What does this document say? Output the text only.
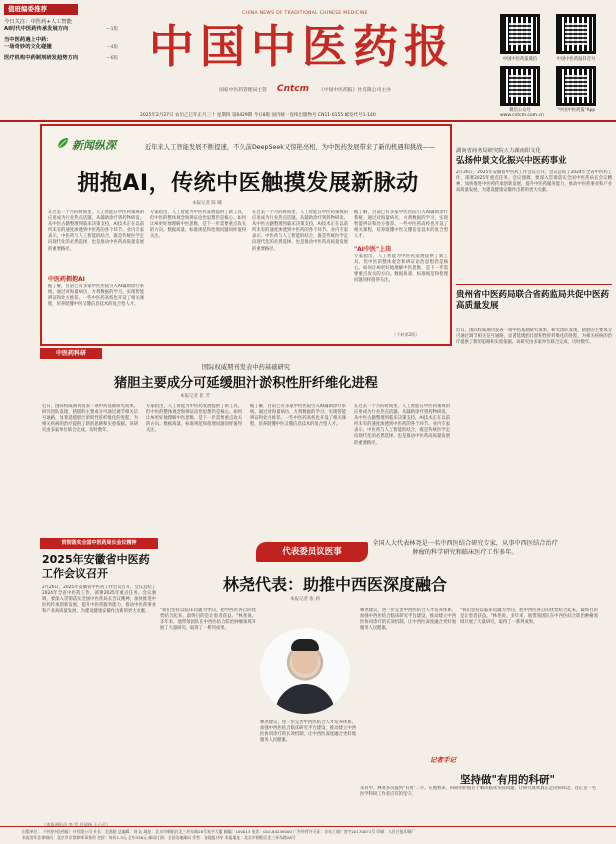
值班编委推荐
今日关注：中医药+人工智能
AI时代中医药传承发展方向	—1版
当中医药遇上中药：
一场奇妙的文化碰撞	—4版
医疗机构中药制剂研发趋势方向	—6版
CHINA NEWS OF TRADITIONAL CHINESE MEDICINE
中国中医药报
国家中医药管理局主管 Cntcm 《中国中医药报》社有限公司主办
2025年2月27日 农历乙巳年正月三十 星期四 第6429期 今日8版 国内统一连续出版物号 CN11-0155 邮发代号1-140	www.cntcm.com.cn
中国中医药报微信	中国中医药报抖音号
微信公众号	"中国中医药报"App
新闻纵深	近年来人工智能发展不断提速，不久前DeepSeek又惊艳亮相，为中医药发展带来了新的机遇和挑战——
拥抱AI，传统中医触摸发展新脉动
本报记者 陈 曦
在过去一个月的时间里，人工智能在中医药领域的应用成为行业热点话题。从辅助诊疗到药物研发，从中医古籍整理到临床决策支持，AI技术正在以前所未有的速度渗透到中医药的各个环节。业内专家表示，中医药与人工智能的结合，既是传统医学走向现代化的必然选择，也是推动中医药高质量发展的重要路径。
中医药拥抱AI
据了解，目前已有多家中医医院引入AI辅助诊疗系统，通过对海量病历、方剂数据的学习，实现智能辨证和处方推荐。一些中医药高校也开设了相关课程，培养既懂中医又懂信息技术的复合型人才。
专家指出，人工智能为中医药发展提供了新工具，但中医的整体观念和辨证论治思想仍是核心。如何让AI更好地理解中医思维，是下一步需要重点攻关的方向。数据质量、标准规范和伦理问题同样值得关注。
在过去一个月的时间里，人工智能在中医药领域的应用成为行业热点话题。从辅助诊疗到药物研发，从中医古籍整理到临床决策支持，AI技术正在以前所未有的速度渗透到中医药的各个环节。业内专家表示，中医药与人工智能的结合，既是传统医学走向现代化的必然选择，也是推动中医药高质量发展的重要路径。
据了解，目前已有多家中医医院引入AI辅助诊疗系统，通过对海量病历、方剂数据的学习，实现智能辨证和处方推荐。一些中医药高校也开设了相关课程，培养既懂中医又懂信息技术的复合型人才。
"AI中医"上岗
专家指出，人工智能为中医药发展提供了新工具，但中医的整体观念和辨证论治思想仍是核心。如何让AI更好地理解中医思维，是下一步需要重点攻关的方向。数据质量、标准规范和伦理问题同样值得关注。
（下转第2版）
湖南省商务局研究院大力湖南阳文化
弘扬仲景文化振兴中医药事业
2月26日，2025年安徽省中医药工作会议召开。会议总结了2024年全省中医药工作，部署2025年重点任务。会议强调，要深入贯彻落实全国中医药局长会议精神，加快推进中医药传承创新发展，提升中医药服务能力，推动中医药事业和产业高质量发展，为建设健康安徽作出新的更大贡献。
贵州省中医药局联合省药监局共促中医药高质量发展
近日，国际权威期刊发表一项中药基础研究成果。研究团队发现，猪胆的主要成分可通过调节相关信号通路，显著延缓胆汁淤积性肝纤维化的进程，为相关疾病的治疗提供了新的思路和实验依据。该研究由多家单位联合完成，历时数年。
中医药科研
国际权威期刊发表中药基础研究
猪胆主要成分可延缓胆汁淤积性肝纤维化进程
本报记者 崔 芳
近日，国际权威期刊发表一项中药基础研究成果。研究团队发现，猪胆的主要成分可通过调节相关信号通路，显著延缓胆汁淤积性肝纤维化的进程，为相关疾病的治疗提供了新的思路和实验依据。该研究由多家单位联合完成，历时数年。
专家指出，人工智能为中医药发展提供了新工具，但中医的整体观念和辨证论治思想仍是核心。如何让AI更好地理解中医思维，是下一步需要重点攻关的方向。数据质量、标准规范和伦理问题同样值得关注。
据了解，目前已有多家中医医院引入AI辅助诊疗系统，通过对海量病历、方剂数据的学习，实现智能辨证和处方推荐。一些中医药高校也开设了相关课程，培养既懂中医又懂信息技术的复合型人才。
在过去一个月的时间里，人工智能在中医药领域的应用成为行业热点话题。从辅助诊疗到药物研发，从中医古籍整理到临床决策支持，AI技术正在以前所未有的速度渗透到中医药的各个环节。业内专家表示，中医药与人工智能的结合，既是传统医学走向现代化的必然选择，也是推动中医药高质量发展的重要路径。
贯彻落实全国中医药局长会议精神
2025年安徽省中医药工作会议召开
2月26日，2025年安徽省中医药工作会议召开。会议总结了2024年全省中医药工作，部署2025年重点任务。会议强调，要深入贯彻落实全国中医药局长会议精神，加快推进中医药传承创新发展，提升中医药服务能力，推动中医药事业和产业高质量发展，为建设健康安徽作出新的更大贡献。
（本报通讯员 李 雪 任清扬 王心可）
代表委员议医事
全国人大代表林尧是一名中西医结合研究专家，从事中西医结合治疗肿瘤的科学研究和临床医疗工作多年。
林尧代表：助推中西医深度融合
本报记者 张 莉
"我们坚持以临床问题为导向，把中西医各自的优势结合起来，最终目的是让患者获益。"林尧说。多年来，他带领团队在中西医结合防治肿瘤领域开展了大量研究，取得了一系列成果。
林尧建议，进一步完善中西医结合人才培养体系，加强中西医结合临床研究平台建设，推动建立中西医协同诊疗的长效机制，让中西医深度融合更好地服务人民健康。
林尧建议，进一步完善中西医结合人才培养体系，加强中西医结合临床研究平台建设，推动建立中西医协同诊疗的长效机制，让中西医深度融合更好地服务人民健康。
记者手记
坚持做"有用的科研"
采访中，林尧多次提到"有用"二字。在他看来，科研的价值在于解决临床实际问题，让研究成果真正走向病床边，这正是一名医学科研工作者应有的坚守。
"我们坚持以临床问题为导向，把中西医各自的优势结合起来，最终目的是让患者获益。"林尧说。多年来，他带领团队在中西医结合防治肿瘤领域开展了大量研究，取得了一系列成果。
出版单位：《中国中医药报》社有限公司 社长：毛嘉陵 总编辑：刘 沁 地址：北京市朝阳区北三环东路28号易亨大厦 邮编：100013 电话：010-84249000 广告经营许可证：京东工商广登字20170071号 印刷：人民日报印刷厂
本报常年法律顾问：北京市京都律师事务所 定价：每份1.5元 全年338元 邮局订阅：全国各地邮局 零售：各地报刊亭 本报地址：北京市朝阳区北三环东路28号
